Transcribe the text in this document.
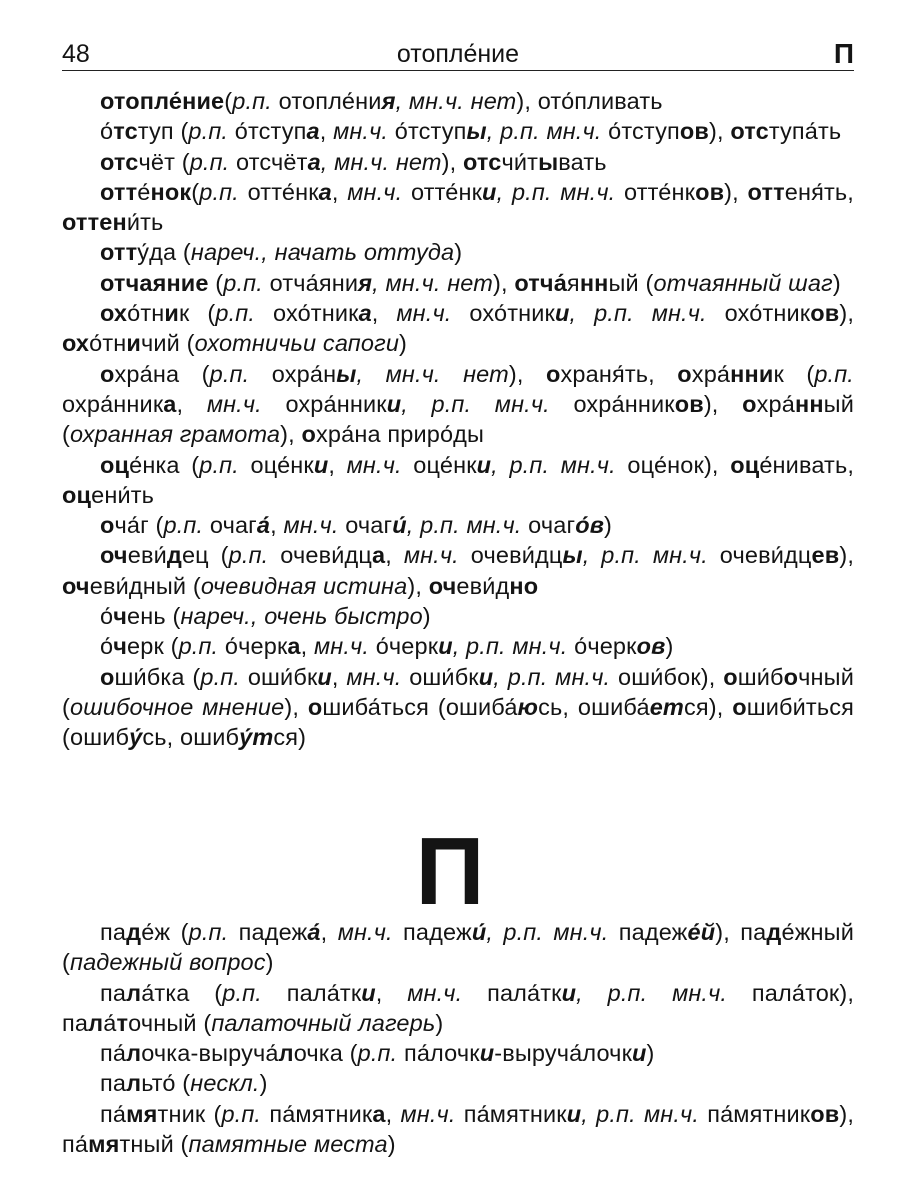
48	отопле́ние	П

отопле́ние(р.п. отопле́ния, мн.ч. нет), ото́пливать

о́тступ (р.п. о́тступа, мн.ч. о́тступы, р.п. мн.ч. о́тступов), отступа́ть

отсчёт (р.п. отсчёта, мн.ч. нет), отсчи́тывать

отте́нок(р.п. отте́нка, мн.ч. отте́нки, р.п. мн.ч. отте́нков), оттеня́ть, оттени́ть

отту́да (нареч., начать оттуда)

отчаяние (р.п. отча́яния, мн.ч. нет), отча́янный (отчаянный шаг)

охо́тник (р.п. охо́тника, мн.ч. охо́тники, р.п. мн.ч. охо́тников), охо́тничий (охотничьи сапоги)

охра́на (р.п. охра́ны, мн.ч. нет), охраня́ть, охра́нник (р.п. охра́нника, мн.ч. охра́нники, р.п. мн.ч. охра́нников), охра́нный (охранная грамота), охра́на приро́ды

оце́нка (р.п. оце́нки, мн.ч. оце́нки, р.п. мн.ч. оце́нок), оце́нивать, оцени́ть

оча́г (р.п. очага́, мн.ч. очаги́, р.п. мн.ч. очаго́в)

очеви́дец (р.п. очеви́дца, мн.ч. очеви́дцы, р.п. мн.ч. очеви́дцев), очеви́дный (очевидная истина), очеви́дно

о́чень (нареч., очень быстро)

о́черк (р.п. о́черка, мн.ч. о́черки, р.п. мн.ч. о́черков)

оши́бка (р.п. оши́бки, мн.ч. оши́бки, р.п. мн.ч. оши́бок), оши́бочный (ошибочное мнение), ошиба́ться (ошиба́юсь, ошиба́ется), ошиби́ться (ошибу́сь, ошибу́тся)

П

паде́ж (р.п. падежа́, мн.ч. падежи́, р.п. мн.ч. падеже́й), паде́жный (падежный вопрос)

пала́тка (р.п. пала́тки, мн.ч. пала́тки, р.п. мн.ч. пала́ток), пала́точный (палаточный лагерь)

па́лочка-выруча́лочка (р.п. па́лочки-выруча́лочки)

пальто́ (нескл.)

па́мятник (р.п. па́мятника, мн.ч. па́мятники, р.п. мн.ч. па́мятников), па́мятный (памятные места)
